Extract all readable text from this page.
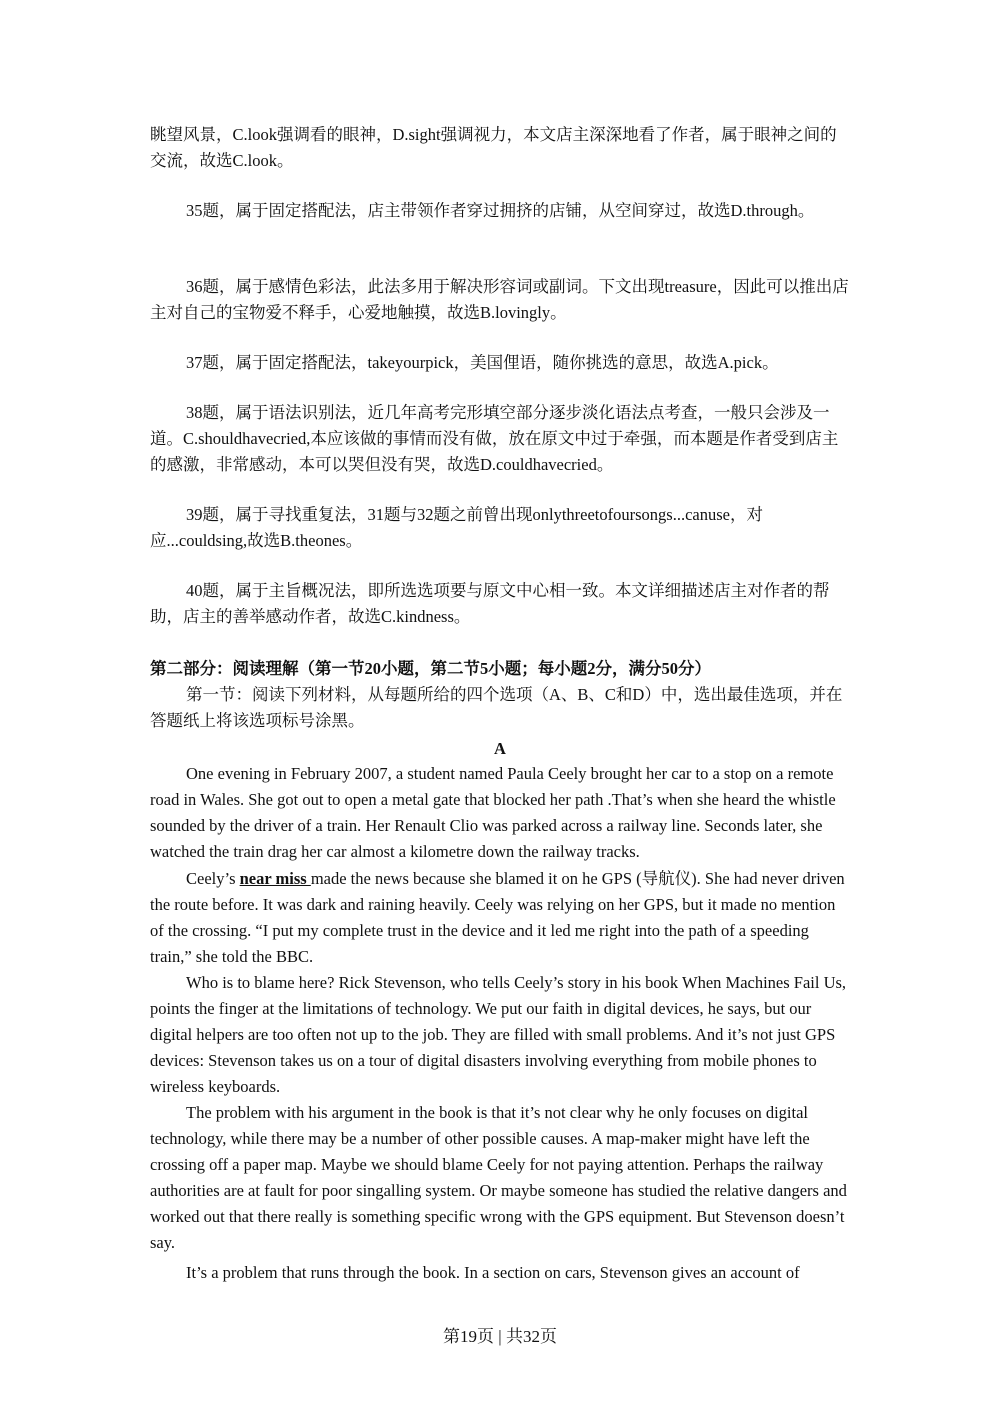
眺望风景，C.look强调看的眼神，D.sight强调视力，本文店主深深地看了作者，属于眼神之间的交流，故选C.look。
35题，属于固定搭配法，店主带领作者穿过拥挤的店铺，从空间穿过，故选D.through。
36题，属于感情色彩法，此法多用于解决形容词或副词。下文出现treasure，因此可以推出店主对自己的宝物爱不释手，心爱地触摸，故选B.lovingly。
37题，属于固定搭配法，takeyourpick，美国俚语，随你挑选的意思，故选A.pick。
38题，属于语法识别法，近几年高考完形填空部分逐步淡化语法点考查，一般只会涉及一道。C.shouldhavecried,本应该做的事情而没有做，放在原文中过于牵强，而本题是作者受到店主的感激，非常感动，本可以哭但没有哭，故选D.couldhavecried。
39题，属于寻找重复法，31题与32题之前曾出现onlythreetofoursongs...canuse，对应...couldsing,故选B.theones。
40题，属于主旨概况法，即所选选项要与原文中心相一致。本文详细描述店主对作者的帮助，店主的善举感动作者，故选C.kindness。
第二部分：阅读理解（第一节20小题，第二节5小题；每小题2分，满分50分）
第一节：阅读下列材料，从每题所给的四个选项（A、B、C和D）中，选出最佳选项，并在答题纸上将该选项标号涂黑。
A
One evening in February 2007, a student named Paula Ceely brought her car to a stop on a remote road in Wales. She got out to open a metal gate that blocked her path .That’s when she heard the whistle sounded by the driver of a train. Her Renault Clio was parked across a railway line. Seconds later, she watched the train drag her car almost a kilometre down the railway tracks.
Ceely’s near miss made the news because she blamed it on he GPS (导航仪). She had never driven the route before. It was dark and raining heavily. Ceely was relying on her GPS, but it made no mention of the crossing. “I put my complete trust in the device and it led me right into the path of a speeding train,” she told the BBC.
Who is to blame here? Rick Stevenson, who tells Ceely’s story in his book When Machines Fail Us, points the finger at the limitations of technology. We put our faith in digital devices, he says, but our digital helpers are too often not up to the job. They are filled with small problems. And it’s not just GPS devices: Stevenson takes us on a tour of digital disasters involving everything from mobile phones to wireless keyboards.
The problem with his argument in the book is that it’s not clear why he only focuses on digital technology, while there may be a number of other possible causes. A map-maker might have left the crossing off a paper map. Maybe we should blame Ceely for not paying attention. Perhaps the railway authorities are at fault for poor singalling system. Or maybe someone has studied the relative dangers and worked out that there really is something specific wrong with the GPS equipment. But Stevenson doesn’t say.
It’s a problem that runs through the book. In a section on cars, Stevenson gives an account of
第19页 | 共32页
